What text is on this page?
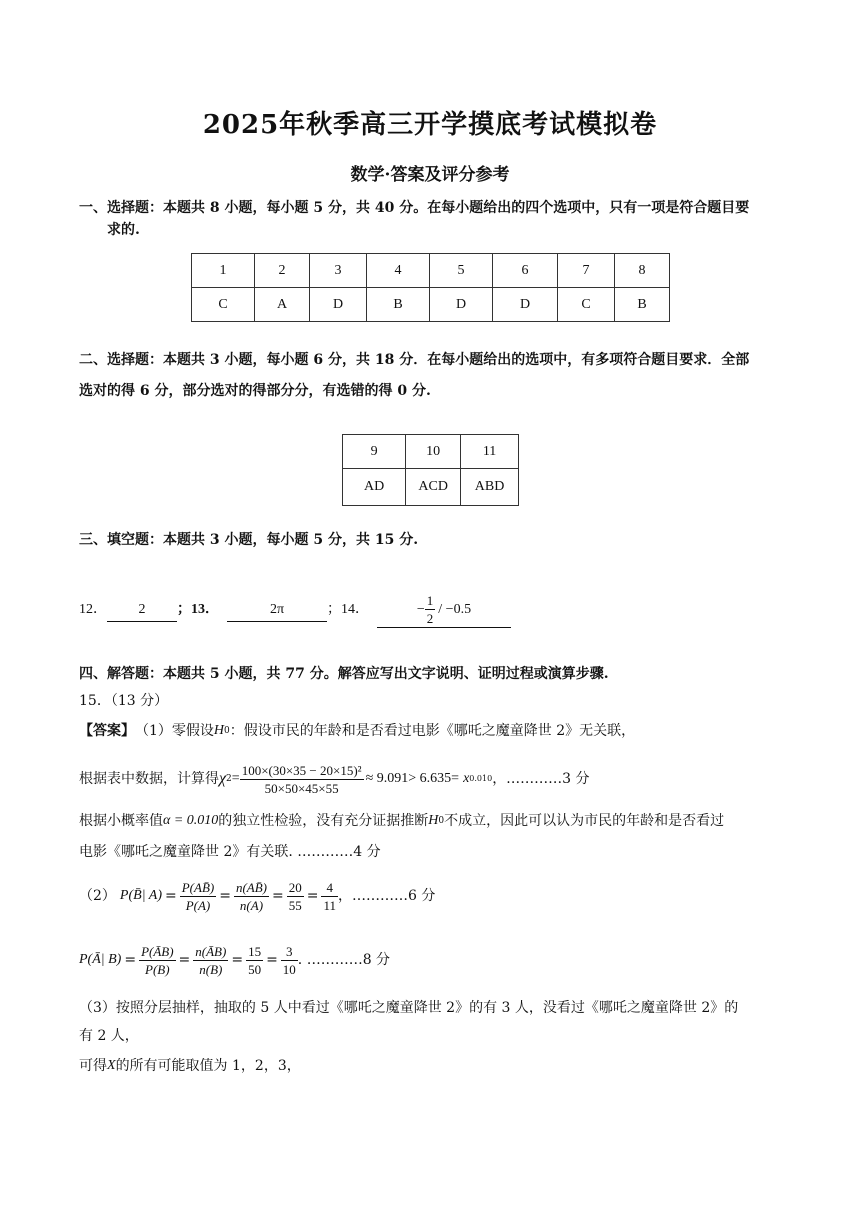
2025年秋季高三开学摸底考试模拟卷
数学·答案及评分参考
一、选择题：本题共 8 小题，每小题 5 分，共 40 分。在每小题给出的四个选项中，只有一项是符合题目要
求的.
1	2	3	4	5	6	7	8
C	A	D	B	D	D	C	B
二、选择题：本题共 3 小题，每小题 6 分，共 18 分．在每小题给出的选项中，有多项符合题目要求．全部
选对的得 6 分，部分选对的得部分分，有选错的得 0 分.
9	10	11
AD	ACD	ABD
三、填空题：本题共 3 小题，每小题 5 分，共 15 分.
12．	2	；13．	2π	；14．	− $\frac{1}{2} / -0.5$
四、解答题：本题共 5 小题，共 77 分。解答应写出文字说明、证明过程或演算步骤.
15．（13 分）
【答案】 （1）零假设 H 0 ：假设市民的年龄和是否看过电影《哪吒之魔童降世 2》无关联，
根据表中数据，计算得 χ $2 = \frac{\text{100×(30×35 − 20×15)²}}{50\times 50\times 45\times 55} \approx 9.091> 6.635= x$ 0.010 ，…………3 分
根据小概率值 α = 0.010 的独立性检验，没有充分证据推断 H 0 不成立，因此可以认为市民的年龄和是否看过
电影《哪吒之魔童降世 2》有关联. …………4 分
（2） P(B̄| $A) = \frac{P(AB̄)}{P(A)} = \frac{n(AB̄)}{n(A)} = \frac{20}{55} = \frac{4}{11}$ ，…………6 分
P(Ā| $B) = \frac{P(ĀB)}{P(B)} = \frac{n(ĀB)}{n(B)} = \frac{15}{50} = \frac{3}{10}$ . …………8 分
（3）按照分层抽样，抽取的 5 人中看过《哪吒之魔童降世 2》的有 3 人，没看过《哪吒之魔童降世 2》的
有 2 人，
可得 X 的所有可能取值为 1，2，3，
